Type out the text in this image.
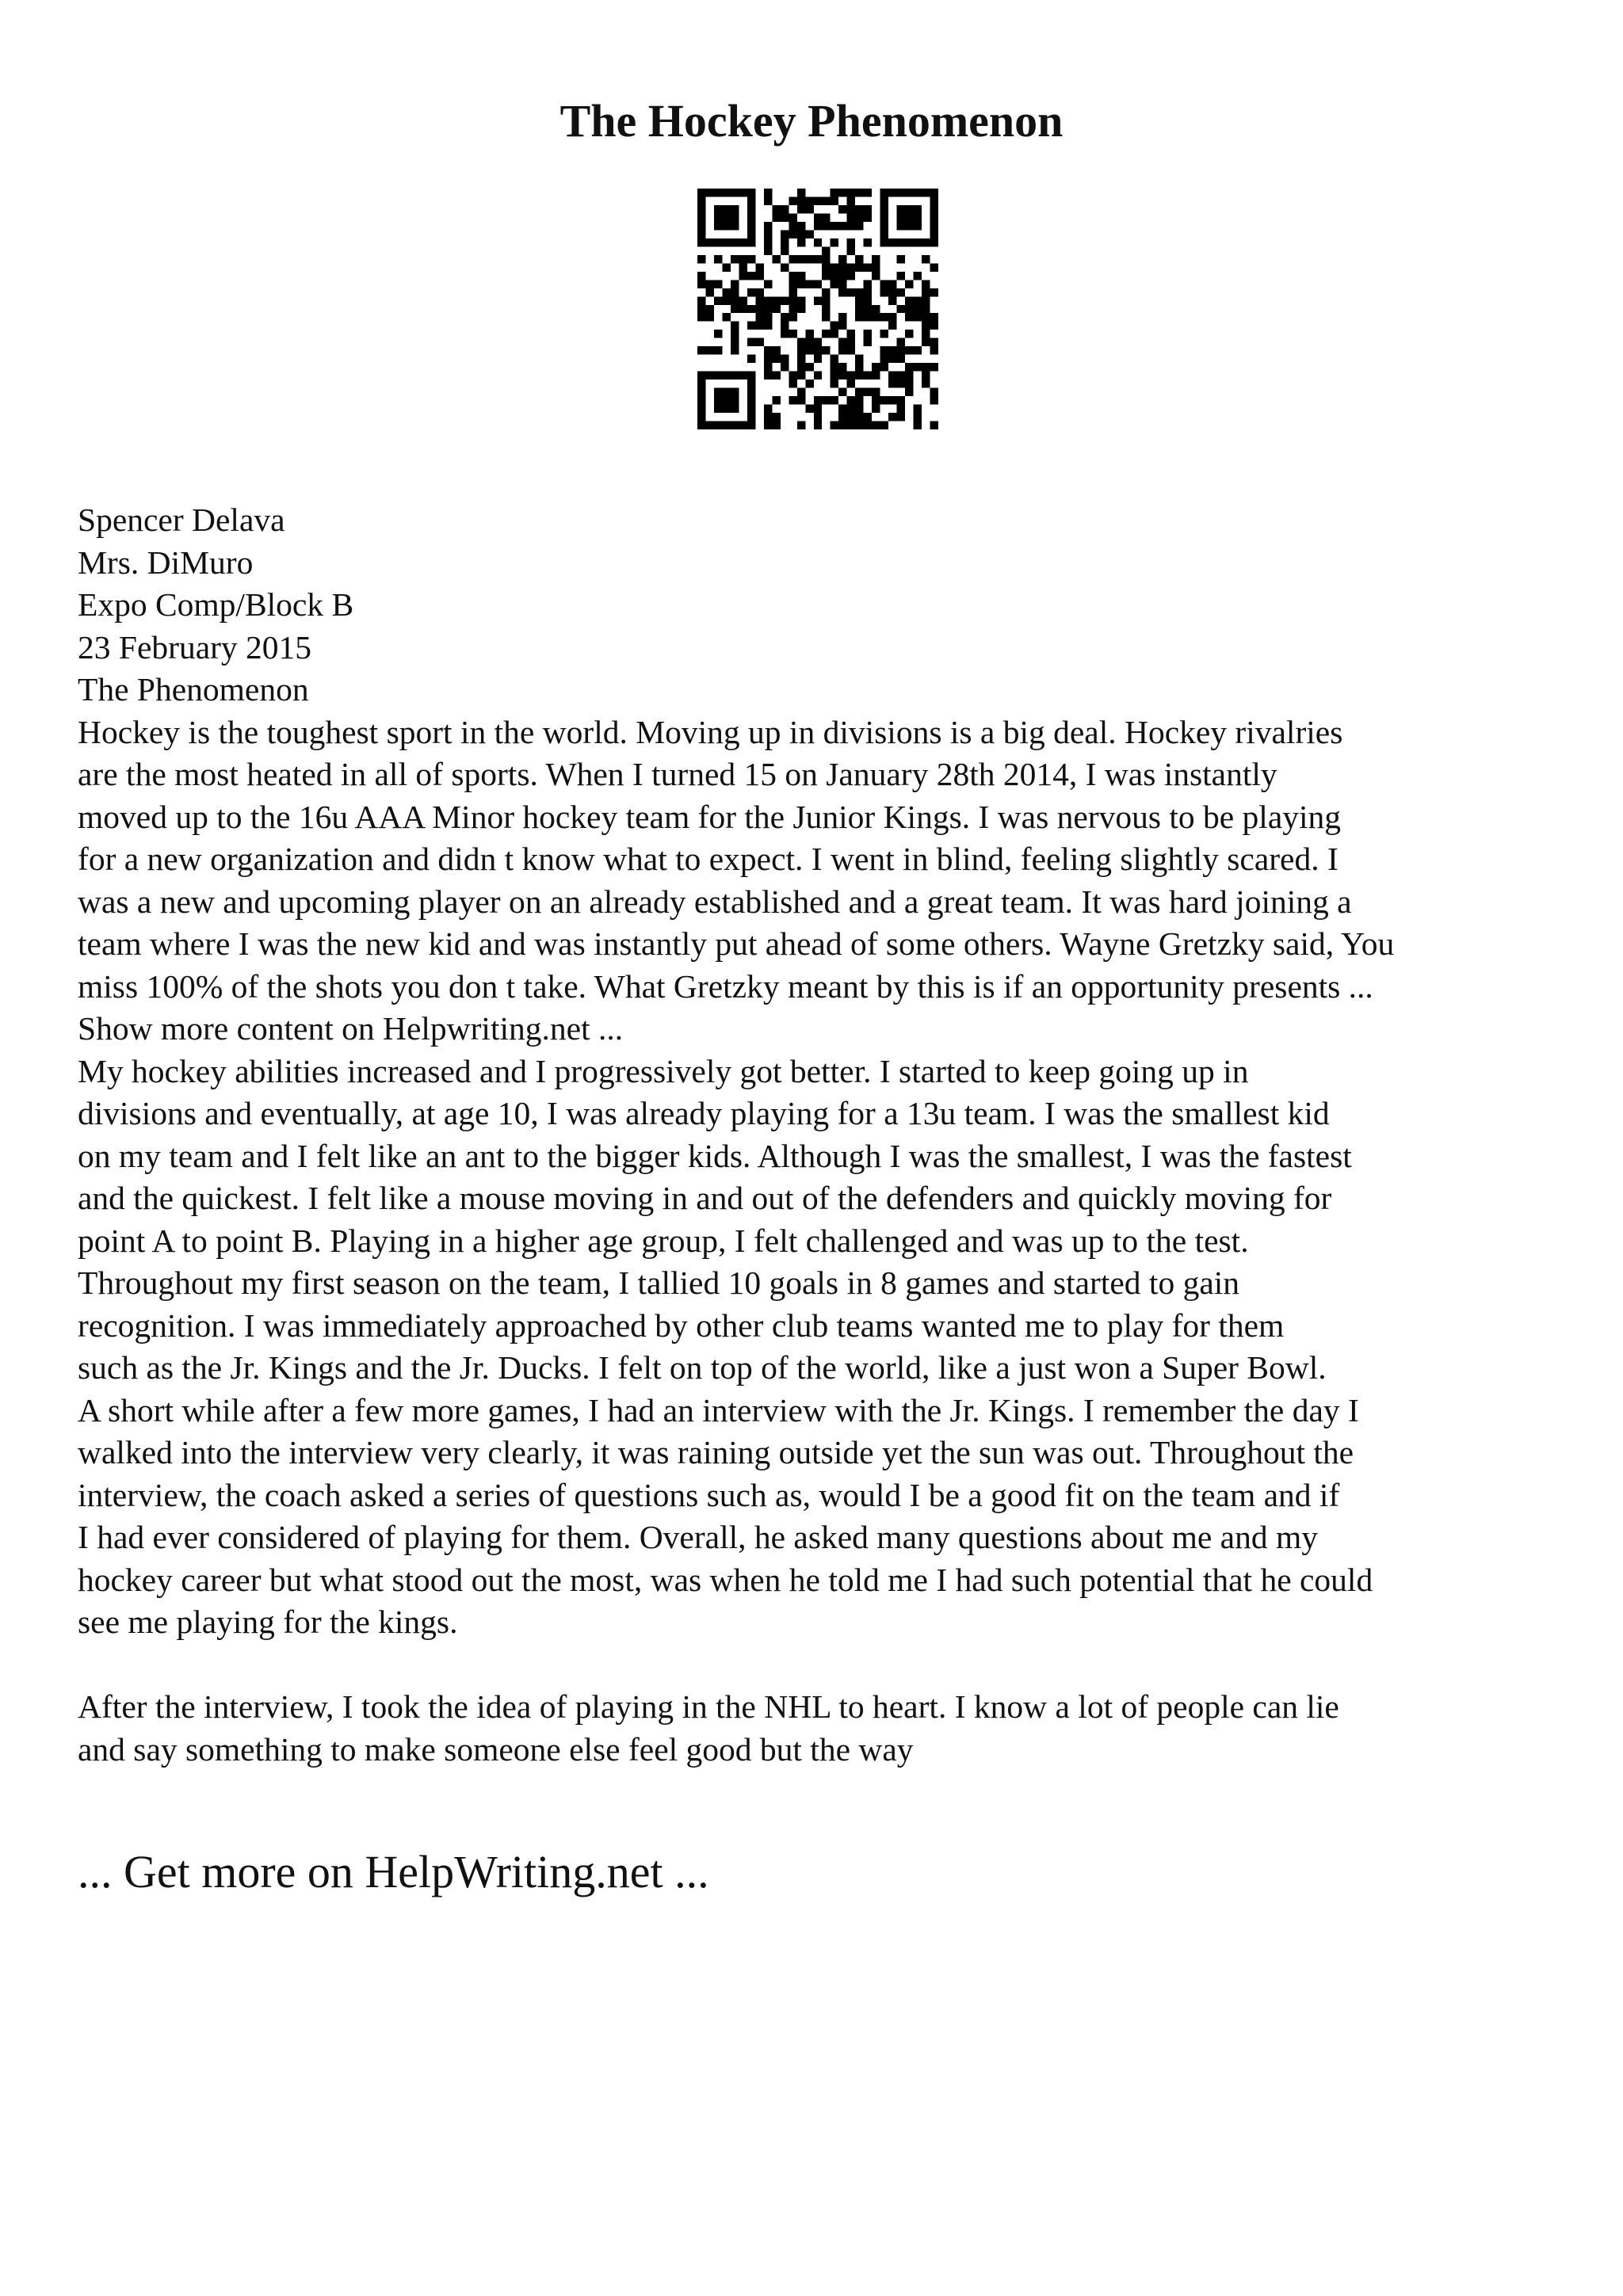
The Hockey Phenomenon
Spencer Delava
Mrs. DiMuro
Expo Comp/Block B
23 February 2015
The Phenomenon
Hockey is the toughest sport in the world. Moving up in divisions is a big deal. Hockey rivalries
are the most heated in all of sports. When I turned 15 on January 28th 2014, I was instantly
moved up to the 16u AAA Minor hockey team for the Junior Kings. I was nervous to be playing
for a new organization and didn t know what to expect. I went in blind, feeling slightly scared. I
was a new and upcoming player on an already established and a great team. It was hard joining a
team where I was the new kid and was instantly put ahead of some others. Wayne Gretzky said, You
miss 100% of the shots you don t take. What Gretzky meant by this is if an opportunity presents ...
Show more content on Helpwriting.net ...
My hockey abilities increased and I progressively got better. I started to keep going up in
divisions and eventually, at age 10, I was already playing for a 13u team. I was the smallest kid
on my team and I felt like an ant to the bigger kids. Although I was the smallest, I was the fastest
and the quickest. I felt like a mouse moving in and out of the defenders and quickly moving for
point A to point B. Playing in a higher age group, I felt challenged and was up to the test.
Throughout my first season on the team, I tallied 10 goals in 8 games and started to gain
recognition. I was immediately approached by other club teams wanted me to play for them
such as the Jr. Kings and the Jr. Ducks. I felt on top of the world, like a just won a Super Bowl.
A short while after a few more games, I had an interview with the Jr. Kings. I remember the day I
walked into the interview very clearly, it was raining outside yet the sun was out. Throughout the
interview, the coach asked a series of questions such as, would I be a good fit on the team and if
I had ever considered of playing for them. Overall, he asked many questions about me and my
hockey career but what stood out the most, was when he told me I had such potential that he could
see me playing for the kings.
After the interview, I took the idea of playing in the NHL to heart. I know a lot of people can lie
and say something to make someone else feel good but the way

... Get more on HelpWriting.net ...
